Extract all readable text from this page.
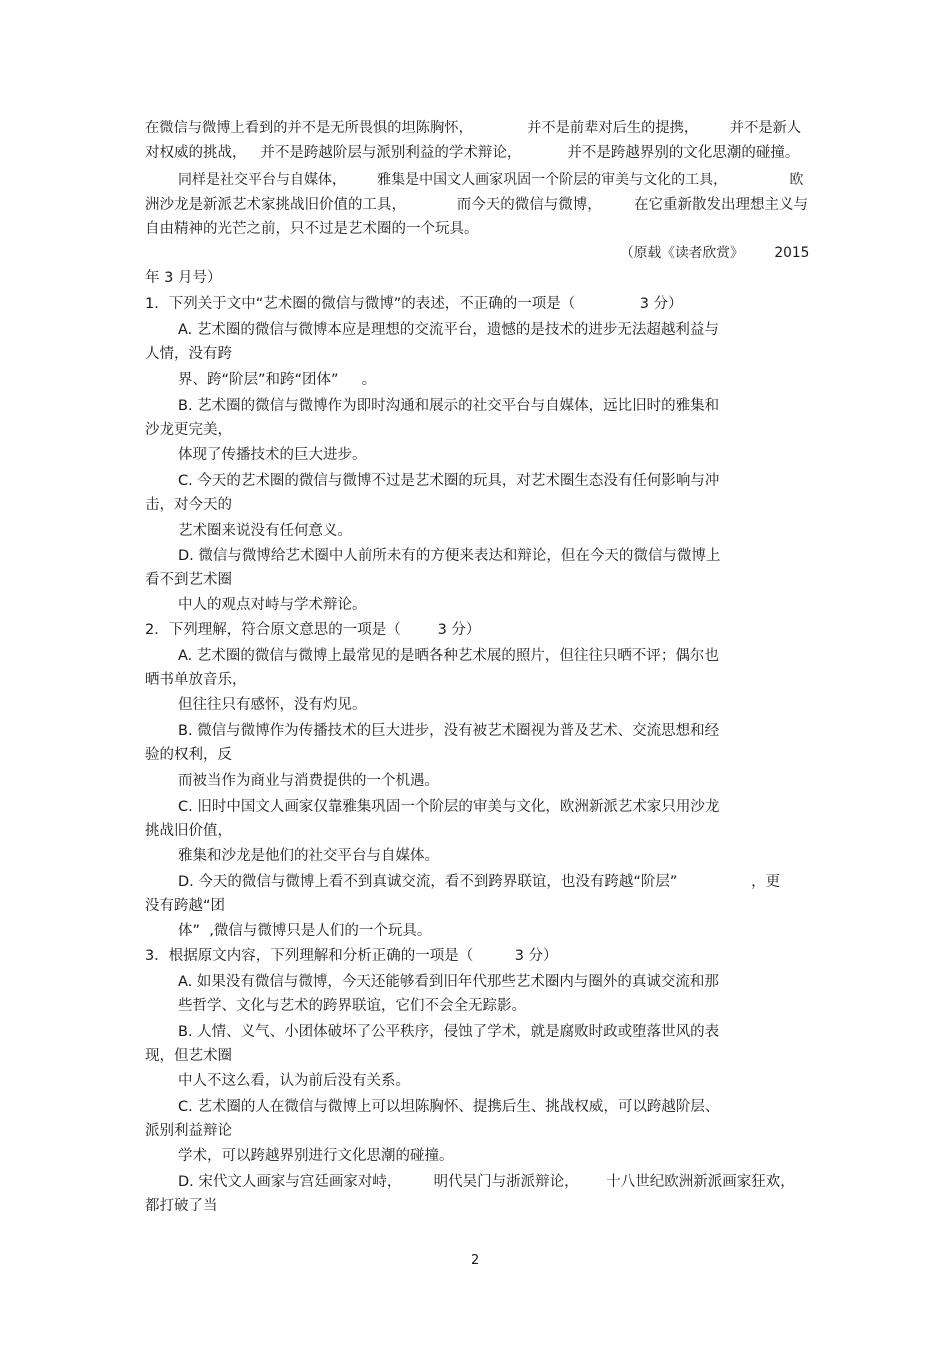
在微信与微博上看到的并不是无所畏惧的坦陈胸怀，            并不是前辈对后生的提携，       并不是新人
对权威的挑战，   并不是跨越阶层与派别利益的学术辩论，          并不是跨越界别的文化思潮的碰撞。
同样是社交平台与自媒体，       雅集是中国文人画家巩固一个阶层的审美与文化的工具，              欧
洲沙龙是新派艺术家挑战旧价值的工具，           而今天的微信与微博，       在它重新散发出理想主义与
自由精神的光芒之前，只不过是艺术圈的一个玩具。
（原载《读者欣赏》       2015
年 3 月号）
1．下列关于文中“艺术圈的微信与微博”的表述，不正确的一项是（              3 分）
A. 艺术圈的微信与微博本应是理想的交流平台，遗憾的是技术的进步无法超越利益与
人情，没有跨
界、跨“阶层”和跨“团体”     。
B. 艺术圈的微信与微博作为即时沟通和展示的社交平台与自媒体，远比旧时的雅集和
沙龙更完美，
体现了传播技术的巨大进步。
C. 今天的艺术圈的微信与微博不过是艺术圈的玩具，对艺术圈生态没有任何影响与冲
击，对今天的
艺术圈来说没有任何意义。
D. 微信与微博给艺术圈中人前所未有的方便来表达和辩论，但在今天的微信与微博上
看不到艺术圈
中人的观点对峙与学术辩论。
2．下列理解，符合原文意思的一项是（        3 分）
A. 艺术圈的微信与微博上最常见的是晒各种艺术展的照片，但往往只晒不评；偶尔也
晒书单放音乐，
但往往只有感怀，没有灼见。
B. 微信与微博作为传播技术的巨大进步，没有被艺术圈视为普及艺术、交流思想和经
验的权利，反
而被当作为商业与消费提供的一个机遇。
C. 旧时中国文人画家仅靠雅集巩固一个阶层的审美与文化，欧洲新派艺术家只用沙龙
挑战旧价值，
雅集和沙龙是他们的社交平台与自媒体。
D. 今天的微信与微博上看不到真诚交流，看不到跨界联谊，也没有跨越“阶层”                ，更
没有跨越“团
体”  ,微信与微博只是人们的一个玩具。
3．根据原文内容，下列理解和分析正确的一项是（         3 分）
A. 如果没有微信与微博，今天还能够看到旧年代那些艺术圈内与圈外的真诚交流和那
些哲学、文化与艺术的跨界联谊，它们不会全无踪影。
B. 人情、义气、小团体破坏了公平秩序，侵蚀了学术，就是腐败时政或堕落世风的表
现，但艺术圈
中人不这么看，认为前后没有关系。
C. 艺术圈的人在微信与微博上可以坦陈胸怀、提携后生、挑战权威，可以跨越阶层、
派别利益辩论
学术，可以跨越界别进行文化思潮的碰撞。
D. 宋代文人画家与宫廷画家对峙，       明代吴门与浙派辩论，      十八世纪欧洲新派画家狂欢，
都打破了当
2
